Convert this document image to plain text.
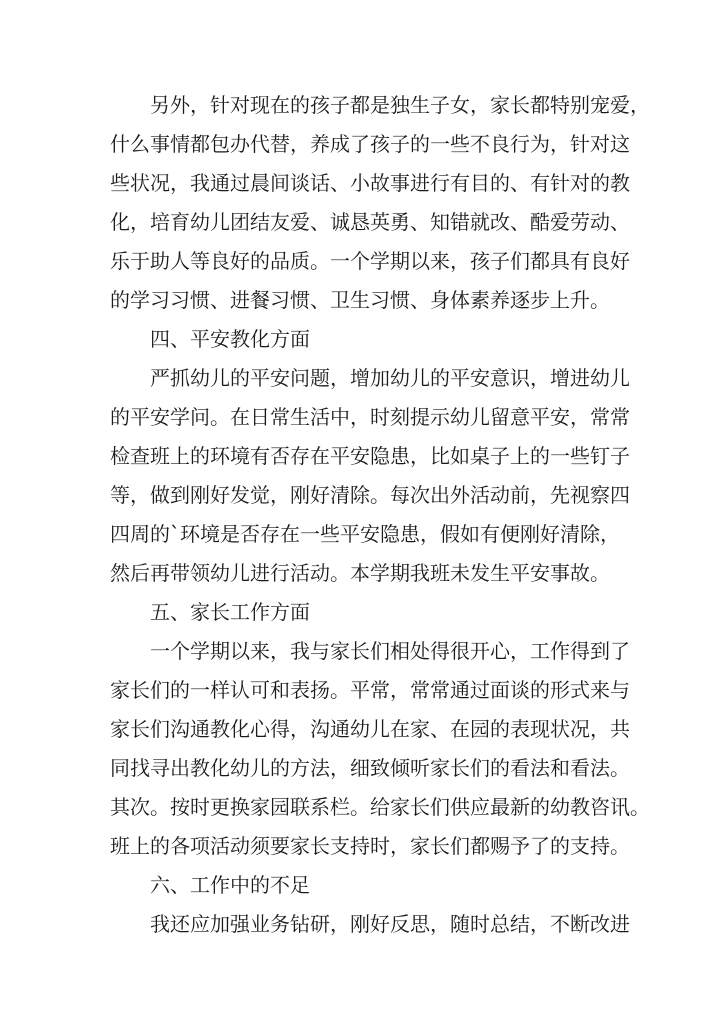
另外，针对现在的孩子都是独生子女，家长都特别宠爱，
什么事情都包办代替，养成了孩子的一些不良行为，针对这
些状况，我通过晨间谈话、小故事进行有目的、有针对的教
化，培育幼儿团结友爱、诚恳英勇、知错就改、酷爱劳动、
乐于助人等良好的品质。一个学期以来，孩子们都具有良好
的学习习惯、进餐习惯、卫生习惯、身体素养逐步上升。
四、平安教化方面
严抓幼儿的平安问题，增加幼儿的平安意识，增进幼儿
的平安学问。在日常生活中，时刻提示幼儿留意平安，常常
检查班上的环境有否存在平安隐患，比如桌子上的一些钉子
等，做到刚好发觉，刚好清除。每次出外活动前，先视察四
四周的`环境是否存在一些平安隐患，假如有便刚好清除，
然后再带领幼儿进行活动。本学期我班未发生平安事故。
五、家长工作方面
一个学期以来，我与家长们相处得很开心，工作得到了
家长们的一样认可和表扬。平常，常常通过面谈的形式来与
家长们沟通教化心得，沟通幼儿在家、在园的表现状况，共
同找寻出教化幼儿的方法，细致倾听家长们的看法和看法。
其次。按时更换家园联系栏。给家长们供应最新的幼教咨讯。
班上的各项活动须要家长支持时，家长们都赐予了的支持。
六、工作中的不足
我还应加强业务钻研，刚好反思，随时总结，不断改进
